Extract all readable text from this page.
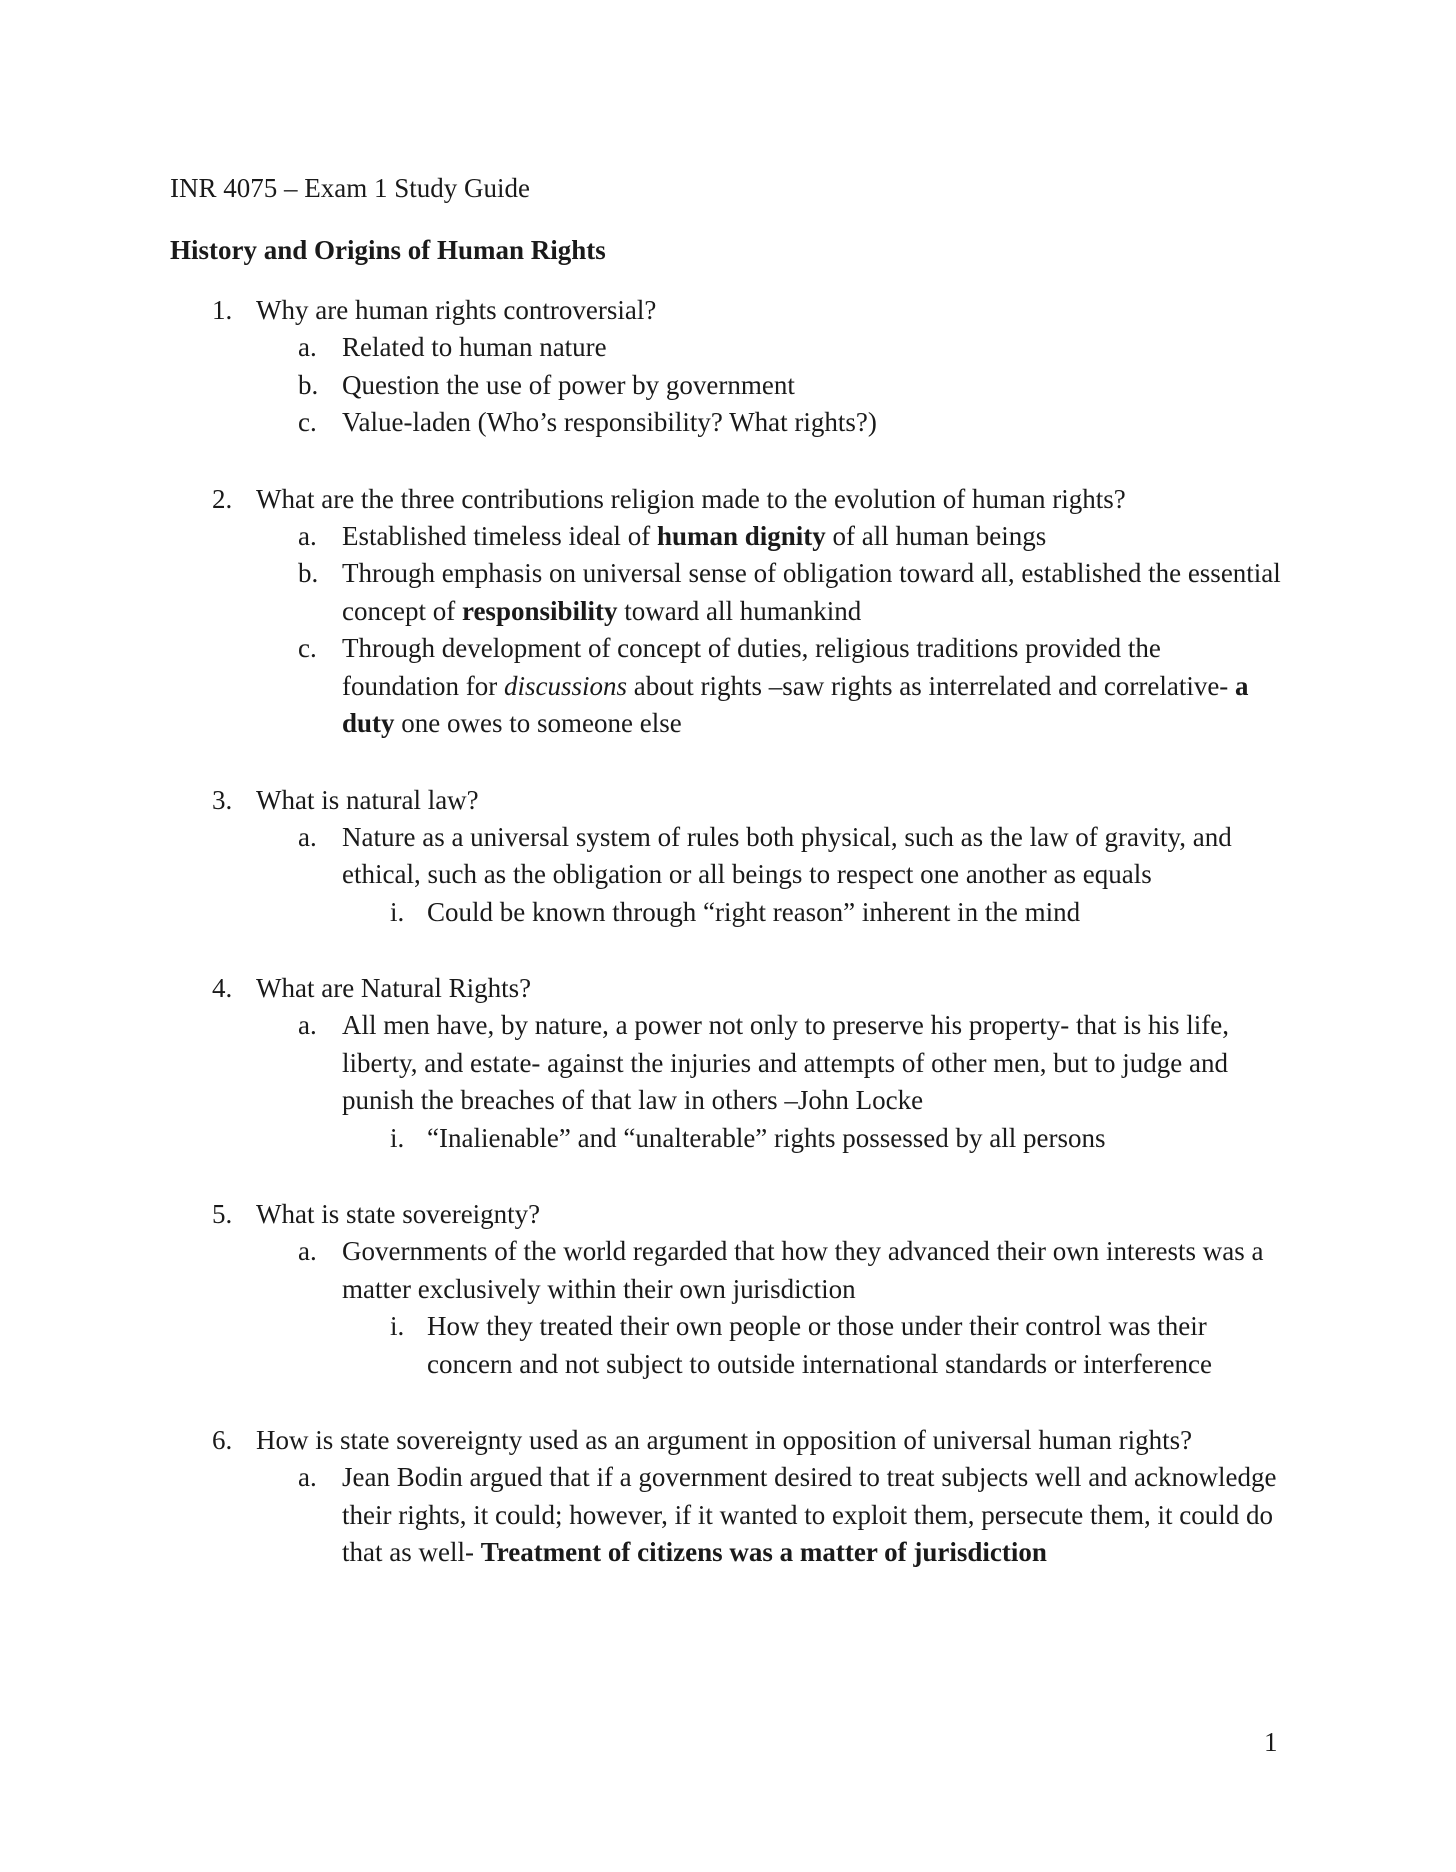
INR 4075 – Exam 1 Study Guide
History and Origins of Human Rights
1. Why are human rights controversial?
a. Related to human nature
b. Question the use of power by government
c. Value-laden (Who’s responsibility? What rights?)
2. What are the three contributions religion made to the evolution of human rights?
a. Established timeless ideal of human dignity of all human beings
b. Through emphasis on universal sense of obligation toward all, established the essential concept of responsibility toward all humankind
c. Through development of concept of duties, religious traditions provided the foundation for discussions about rights –saw rights as interrelated and correlative- a duty one owes to someone else
3. What is natural law?
a. Nature as a universal system of rules both physical, such as the law of gravity, and ethical, such as the obligation or all beings to respect one another as equals
i. Could be known through “right reason” inherent in the mind
4. What are Natural Rights?
a. All men have, by nature, a power not only to preserve his property- that is his life, liberty, and estate- against the injuries and attempts of other men, but to judge and punish the breaches of that law in others –John Locke
i. “Inalienable” and “unalterable” rights possessed by all persons
5. What is state sovereignty?
a. Governments of the world regarded that how they advanced their own interests was a matter exclusively within their own jurisdiction
i. How they treated their own people or those under their control was their concern and not subject to outside international standards or interference
6. How is state sovereignty used as an argument in opposition of universal human rights?
a. Jean Bodin argued that if a government desired to treat subjects well and acknowledge their rights, it could; however, if it wanted to exploit them, persecute them, it could do that as well- Treatment of citizens was a matter of jurisdiction
1
